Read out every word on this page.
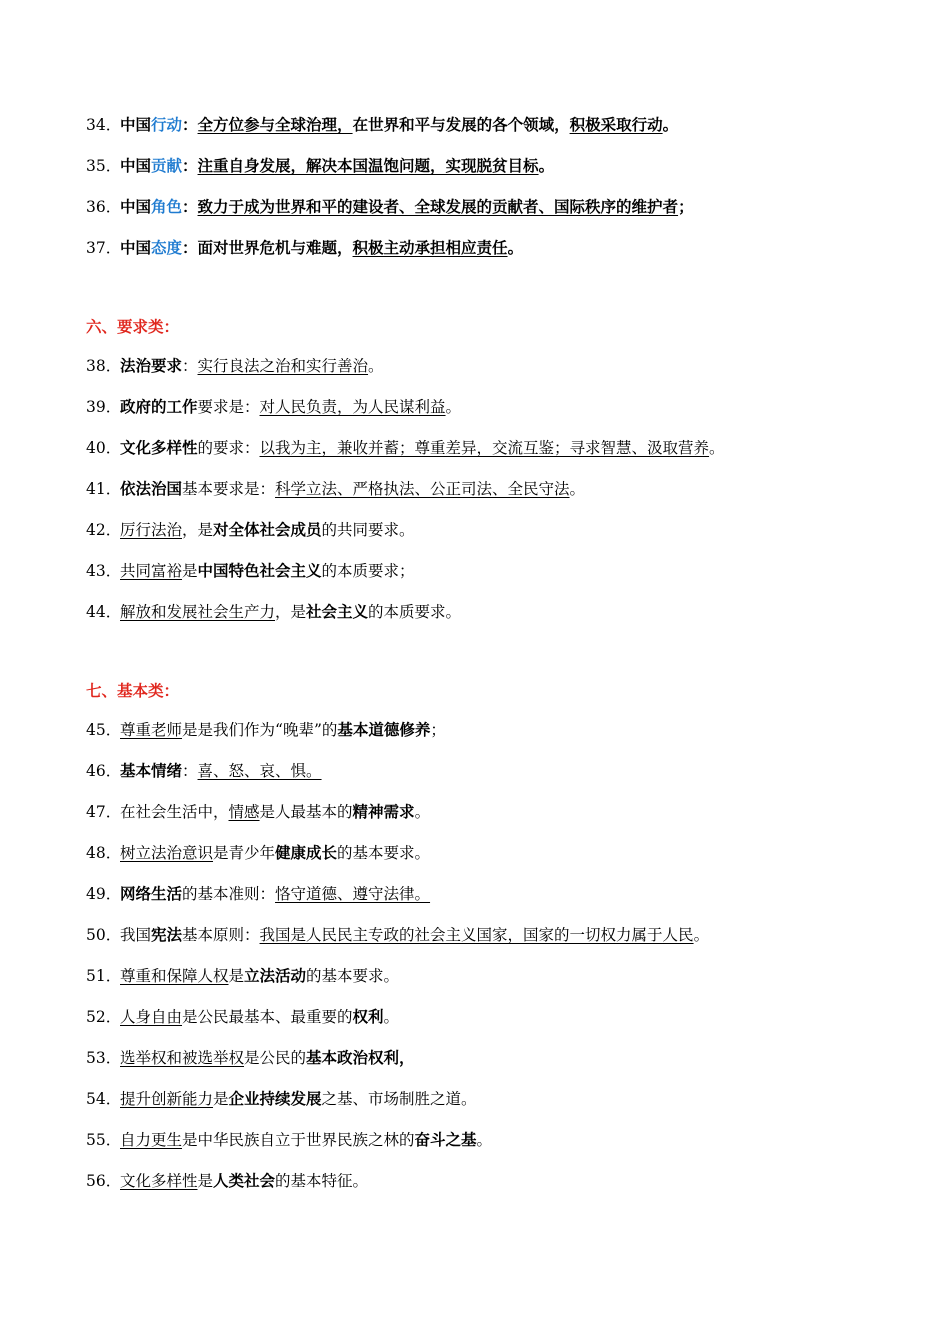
34．中国行动：全方位参与全球治理，在世界和平与发展的各个领域，积极采取行动。
35．中国贡献：注重自身发展，解决本国温饱问题，实现脱贫目标。
36．中国角色：致力于成为世界和平的建设者、全球发展的贡献者、国际秩序的维护者；
37．中国态度：面对世界危机与难题，积极主动承担相应责任。
六、要求类：
38．法治要求：实行良法之治和实行善治。
39．政府的工作要求是：对人民负责，为人民谋利益。
40．文化多样性的要求：以我为主，兼收并蓄；尊重差异，交流互鉴；寻求智慧、汲取营养。
41．依法治国基本要求是：科学立法、严格执法、公正司法、全民守法。
42．厉行法治，是对全体社会成员的共同要求。
43．共同富裕是中国特色社会主义的本质要求；
44．解放和发展社会生产力，是社会主义的本质要求。
七、基本类：
45．尊重老师是是我们作为“晚辈”的基本道德修养；
46．基本情绪：喜、怒、哀、惧。
47．在社会生活中，情感是人最基本的精神需求。
48．树立法治意识是青少年健康成长的基本要求。
49．网络生活的基本准则：恪守道德、遵守法律。
50．我国宪法基本原则：我国是人民民主专政的社会主义国家，国家的一切权力属于人民。
51．尊重和保障人权是立法活动的基本要求。
52．人身自由是公民最基本、最重要的权利。
53．选举权和被选举权是公民的基本政治权利，
54．提升创新能力是企业持续发展之基、市场制胜之道。
55．自力更生是中华民族自立于世界民族之林的奋斗之基。
56．文化多样性是人类社会的基本特征。
